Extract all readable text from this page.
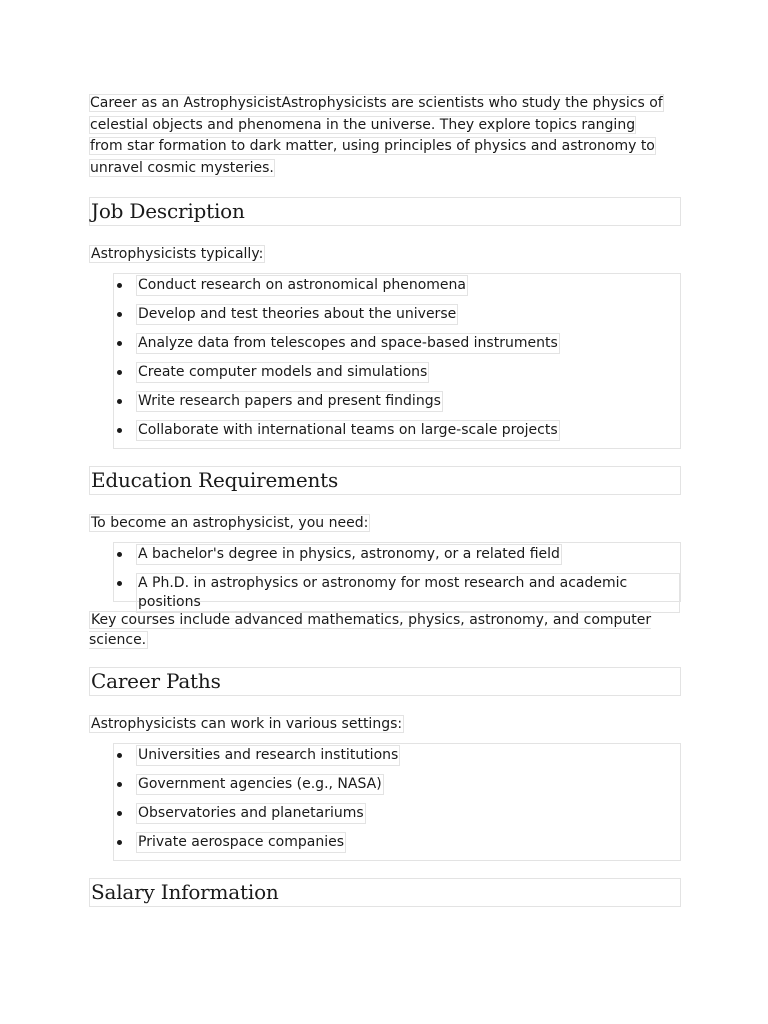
Career as an AstrophysicistAstrophysicists are scientists who study the physics of celestial objects and phenomena in the universe. They explore topics ranging from star formation to dark matter, using principles of physics and astronomy to unravel cosmic mysteries.

Job Description

Astrophysicists typically:

Conduct research on astronomical phenomena
Develop and test theories about the universe
Analyze data from telescopes and space-based instruments
Create computer models and simulations
Write research papers and present findings
Collaborate with international teams on large-scale projects
Education Requirements

To become an astrophysicist, you need:

A bachelor's degree in physics, astronomy, or a related field
A Ph.D. in astrophysics or astronomy for most research and academic positions

Key courses include advanced mathematics, physics, astronomy, and computer science.

Career Paths

Astrophysicists can work in various settings:

Universities and research institutions
Government agencies (e.g., NASA)
Observatories and planetariums
Private aerospace companies
Salary Information
